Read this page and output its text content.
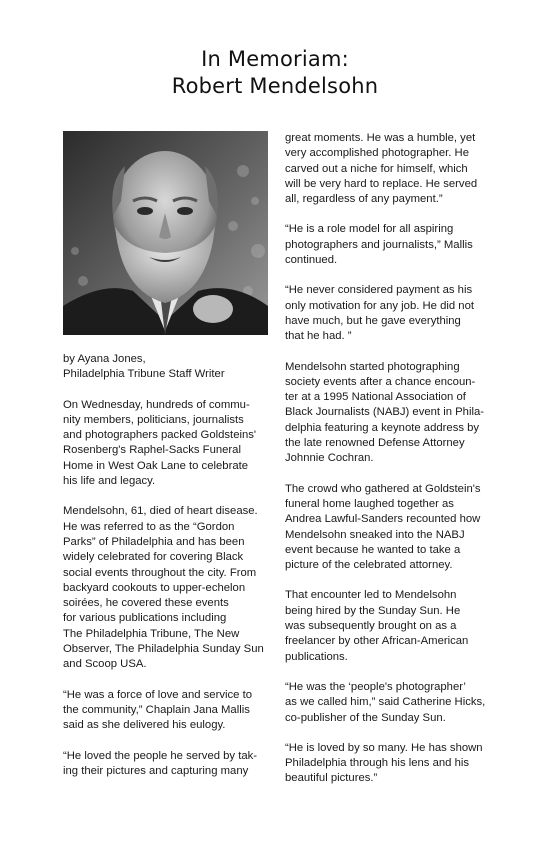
In Memoriam:
Robert Mendelsohn

by Ayana Jones,
Philadelphia Tribune Staff Writer

On Wednesday, hundreds of commu-
nity members, politicians, journalists
and photographers packed Goldsteins'
Rosenberg's Raphel-Sacks Funeral
Home in West Oak Lane to celebrate
his life and legacy.

Mendelsohn, 61, died of heart disease.
He was referred to as the “Gordon
Parks” of Philadelphia and has been
widely celebrated for covering Black
social events throughout the city. From
backyard cookouts to upper-echelon
soirées, he covered these events
for various publications including
The Philadelphia Tribune, The New
Observer, The Philadelphia Sunday Sun
and Scoop USA.

“He was a force of love and service to
the community,” Chaplain Jana Mallis
said as she delivered his eulogy.

“He loved the people he served by tak-
ing their pictures and capturing many

great moments. He was a humble, yet
very accomplished photographer. He
carved out a niche for himself, which
will be very hard to replace. He served
all, regardless of any payment.”

“He is a role model for all aspiring
photographers and journalists,” Mallis
continued.

“He never considered payment as his
only motivation for any job. He did not
have much, but he gave everything
that he had. ”

Mendelsohn started photographing
society events after a chance encoun-
ter at a 1995 National Association of
Black Journalists (NABJ) event in Phila-
delphia featuring a keynote address by
the late renowned Defense Attorney
Johnnie Cochran.

The crowd who gathered at Goldstein's
funeral home laughed together as
Andrea Lawful-Sanders recounted how
Mendelsohn sneaked into the NABJ
event because he wanted to take a
picture of the celebrated attorney.

That encounter led to Mendelsohn
being hired by the Sunday Sun. He
was subsequently brought on as a
freelancer by other African-American
publications.

“He was the ‘people's photographer’
as we called him,” said Catherine Hicks,
co-publisher of the Sunday Sun.

“He is loved by so many. He has shown
Philadelphia through his lens and his
beautiful pictures.”
